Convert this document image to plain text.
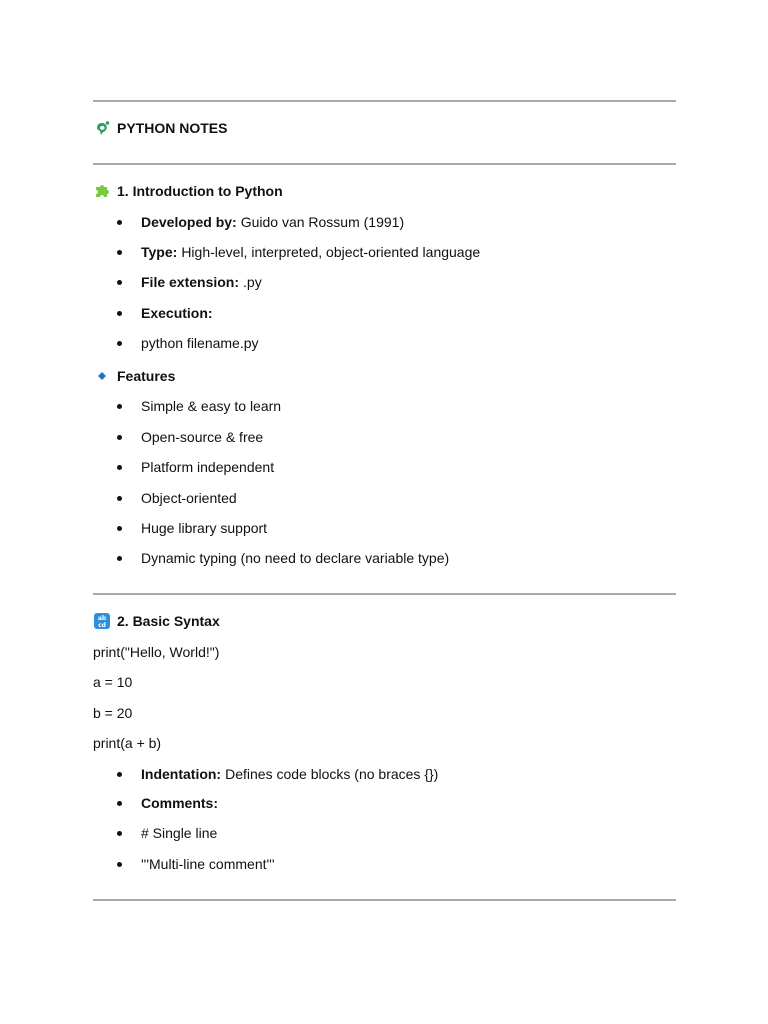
PYTHON NOTES
1. Introduction to Python
Developed by: Guido van Rossum (1991)
Type: High-level, interpreted, object-oriented language
File extension: .py
Execution:
python filename.py
Features
Simple & easy to learn
Open-source & free
Platform independent
Object-oriented
Huge library support
Dynamic typing (no need to declare variable type)
ab
cd 2. Basic Syntax
print("Hello, World!")
a = 10
b = 20
print(a + b)
Indentation: Defines code blocks (no braces {})
Comments:
# Single line
'''Multi-line comment'''
